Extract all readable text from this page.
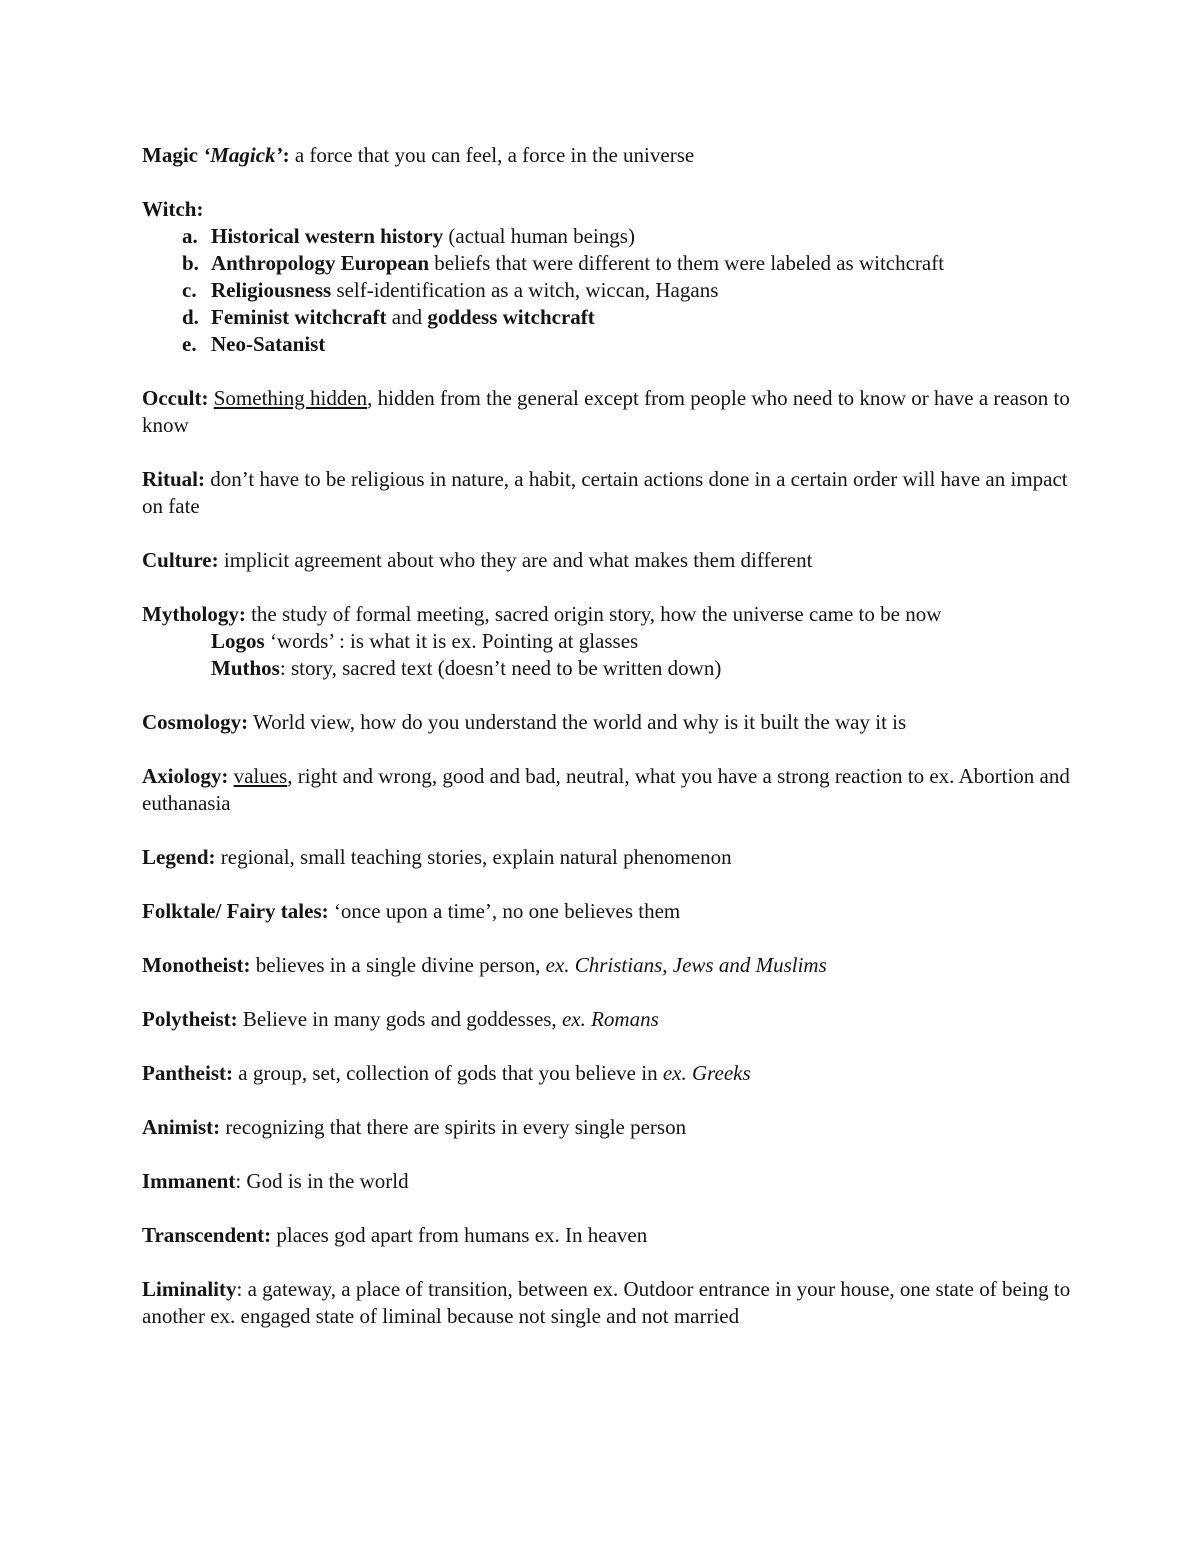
Magic ‘Magick’: a force that you can feel, a force in the universe
Witch:
a. Historical western history (actual human beings)
b. Anthropology European beliefs that were different to them were labeled as witchcraft
c. Religiousness self-identification as a witch, wiccan, Hagans
d. Feminist witchcraft and goddess witchcraft
e. Neo-Satanist
Occult: Something hidden, hidden from the general except from people who need to know or have a reason to know
Ritual: don’t have to be religious in nature, a habit, certain actions done in a certain order will have an impact on fate
Culture: implicit agreement about who they are and what makes them different
Mythology: the study of formal meeting, sacred origin story, how the universe came to be now
Logos ‘words’ : is what it is ex. Pointing at glasses
Muthos: story, sacred text (doesn’t need to be written down)
Cosmology: World view, how do you understand the world and why is it built the way it is
Axiology: values, right and wrong, good and bad, neutral, what you have a strong reaction to ex. Abortion and euthanasia
Legend: regional, small teaching stories, explain natural phenomenon
Folktale/ Fairy tales: ‘once upon a time’, no one believes them
Monotheist: believes in a single divine person, ex. Christians, Jews and Muslims
Polytheist: Believe in many gods and goddesses, ex. Romans
Pantheist: a group, set, collection of gods that you believe in ex. Greeks
Animist: recognizing that there are spirits in every single person
Immanent: God is in the world
Transcendent: places god apart from humans ex. In heaven
Liminality: a gateway, a place of transition, between ex. Outdoor entrance in your house, one state of being to another ex. engaged state of liminal because not single and not married
